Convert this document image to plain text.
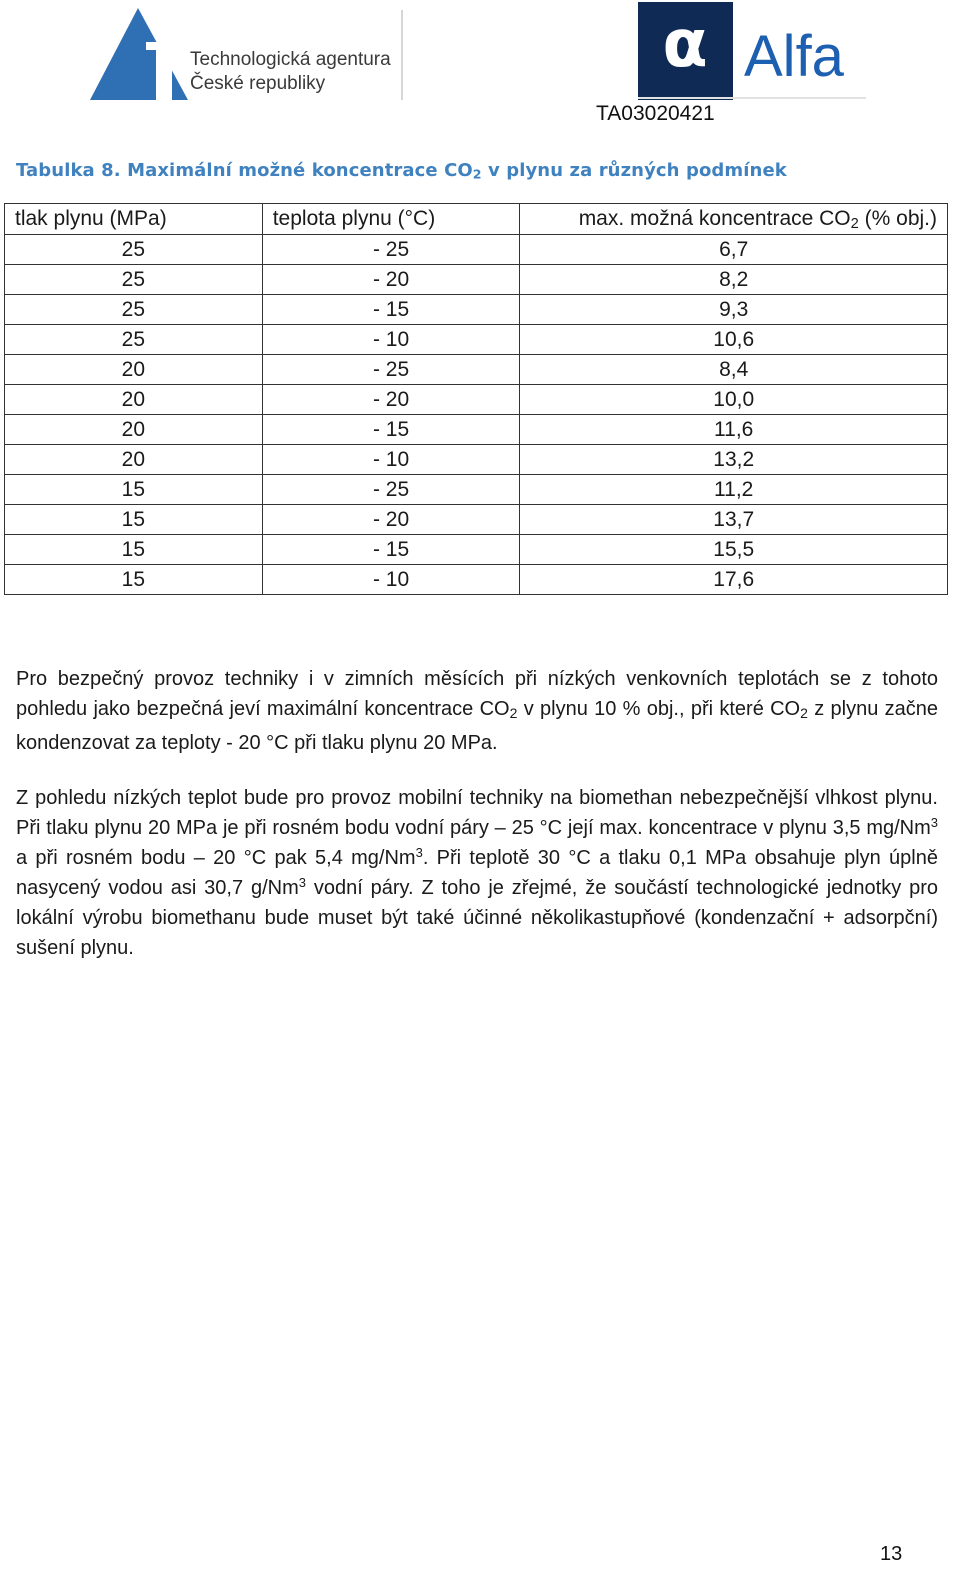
Technologická agentura
České republiky
α Alfa
TA03020421
Tabulka 8. Maximální možné koncentrace $CO_2$ v plynu za různých podmínek
tlak plynu (MPa)	teplota plynu (°C)	max. možná koncentrace $CO_2$ (% obj.)
25	- 25	6,7
25	- 20	8,2
25	- 15	9,3
25	- 10	10,6
20	- 25	8,4
20	- 20	10,0
20	- 15	11,6
20	- 10	13,2
15	- 25	11,2
15	- 20	13,7
15	- 15	15,5
15	- 10	17,6

Pro bezpečný provoz techniky i v zimních měsících při nízkých venkovních teplotách se z tohoto pohledu jako bezpečná jeví maximální koncentrace $CO_2$ v plynu 10 % obj., při které $CO_2$ z plynu začne kondenzovat za teploty - 20 °C při tlaku plynu 20 MPa.

Z pohledu nízkých teplot bude pro provoz mobilní techniky na biomethan nebezpečnější vlhkost plynu. Při tlaku plynu 20 MPa je při rosném bodu vodní páry – 25 °C její max. koncentrace v plynu 3,5 mg/Nm$^3$ a při rosném bodu – 20 °C pak 5,4 mg/Nm$^3$. Při teplotě 30 °C a tlaku 0,1 MPa obsahuje plyn úplně nasycený vodou asi 30,7 g/Nm$^3$ vodní páry. Z toho je zřejmé, že součástí technologické jednotky pro lokální výrobu biomethanu bude muset být také účinné několikastupňové (kondenzační + adsorpční) sušení plynu.

13
